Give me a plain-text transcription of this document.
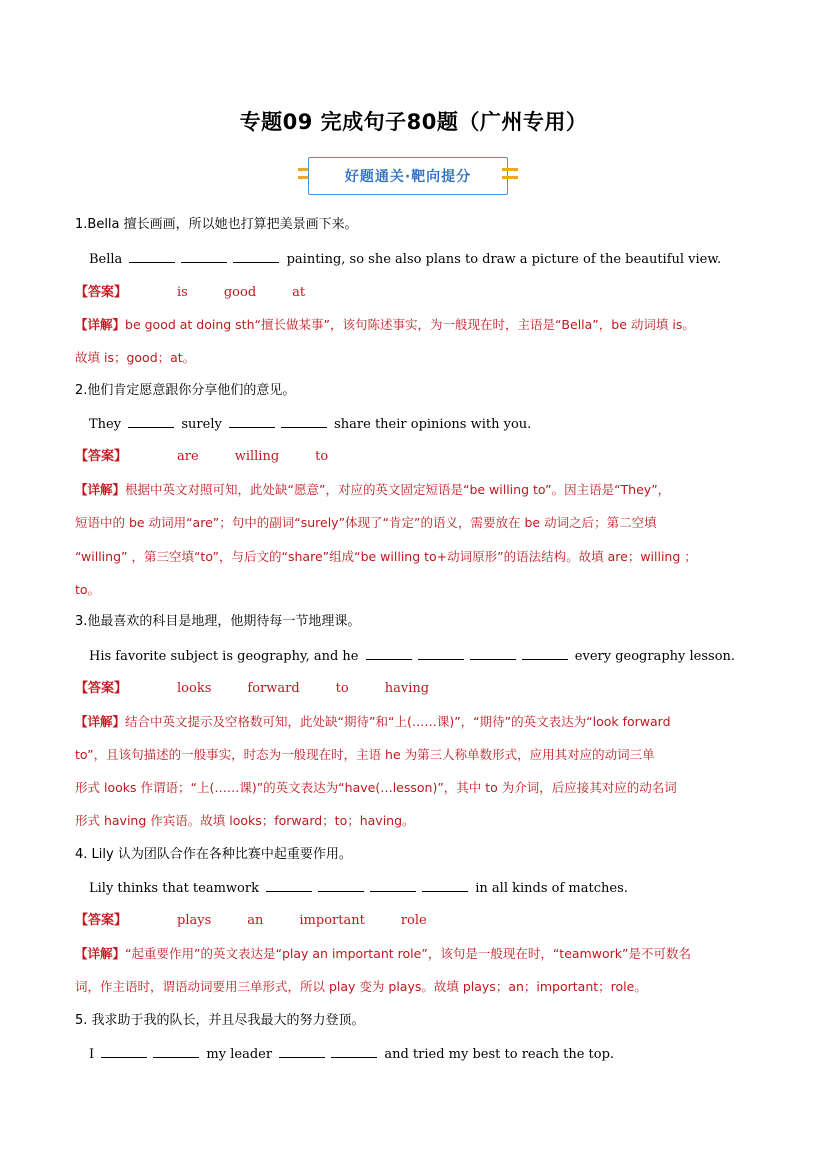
专题09 完成句子80题（广州专用）
好题通关·靶向提分
1.Bella 擅长画画，所以她也打算把美景画下来。
Bella	painting, so she also plans to draw a picture of the beautiful view.
【答案】	is	good	at
【详解】be good at doing sth“擅长做某事”，该句陈述事实，为一般现在时，主语是“Bella”，be 动词填 is。
故填 is；good；at。
2.他们肯定愿意跟你分享他们的意见。
They	surely	share their opinions with you.
【答案】	are	willing	to
【详解】根据中英文对照可知，此处缺“愿意”，对应的英文固定短语是“be willing to”。因主语是“They”，
短语中的 be 动词用“are”；句中的副词“surely”体现了“肯定”的语义，需要放在 be 动词之后；第二空填
“willing” ，第三空填“to”，与后文的“share”组成“be willing to+动词原形”的语法结构。故填 are；willing ；
to。
3.他最喜欢的科目是地理，他期待每一节地理课。
His favorite subject is geography, and he	every geography lesson.
【答案】	looks	forward	to	having
【详解】结合中英文提示及空格数可知，此处缺“期待”和“上(……课)”，“期待”的英文表达为“look forward
to”，且该句描述的一般事实，时态为一般现在时，主语 he 为第三人称单数形式，应用其对应的动词三单
形式 looks 作谓语；“上(……课)”的英文表达为“have(…lesson)”，其中 to 为介词，后应接其对应的动名词
形式 having 作宾语。故填 looks；forward；to；having。
4. Lily 认为团队合作在各种比赛中起重要作用。
Lily thinks that teamwork	in all kinds of matches.
【答案】	plays	an	important	role
【详解】“起重要作用”的英文表达是“play an important role”，该句是一般现在时，“teamwork”是不可数名
词，作主语时，谓语动词要用三单形式，所以 play 变为 plays。故填 plays；an；important；role。
5. 我求助于我的队长，并且尽我最大的努力登顶。
I	my leader	and tried my best to reach the top.
